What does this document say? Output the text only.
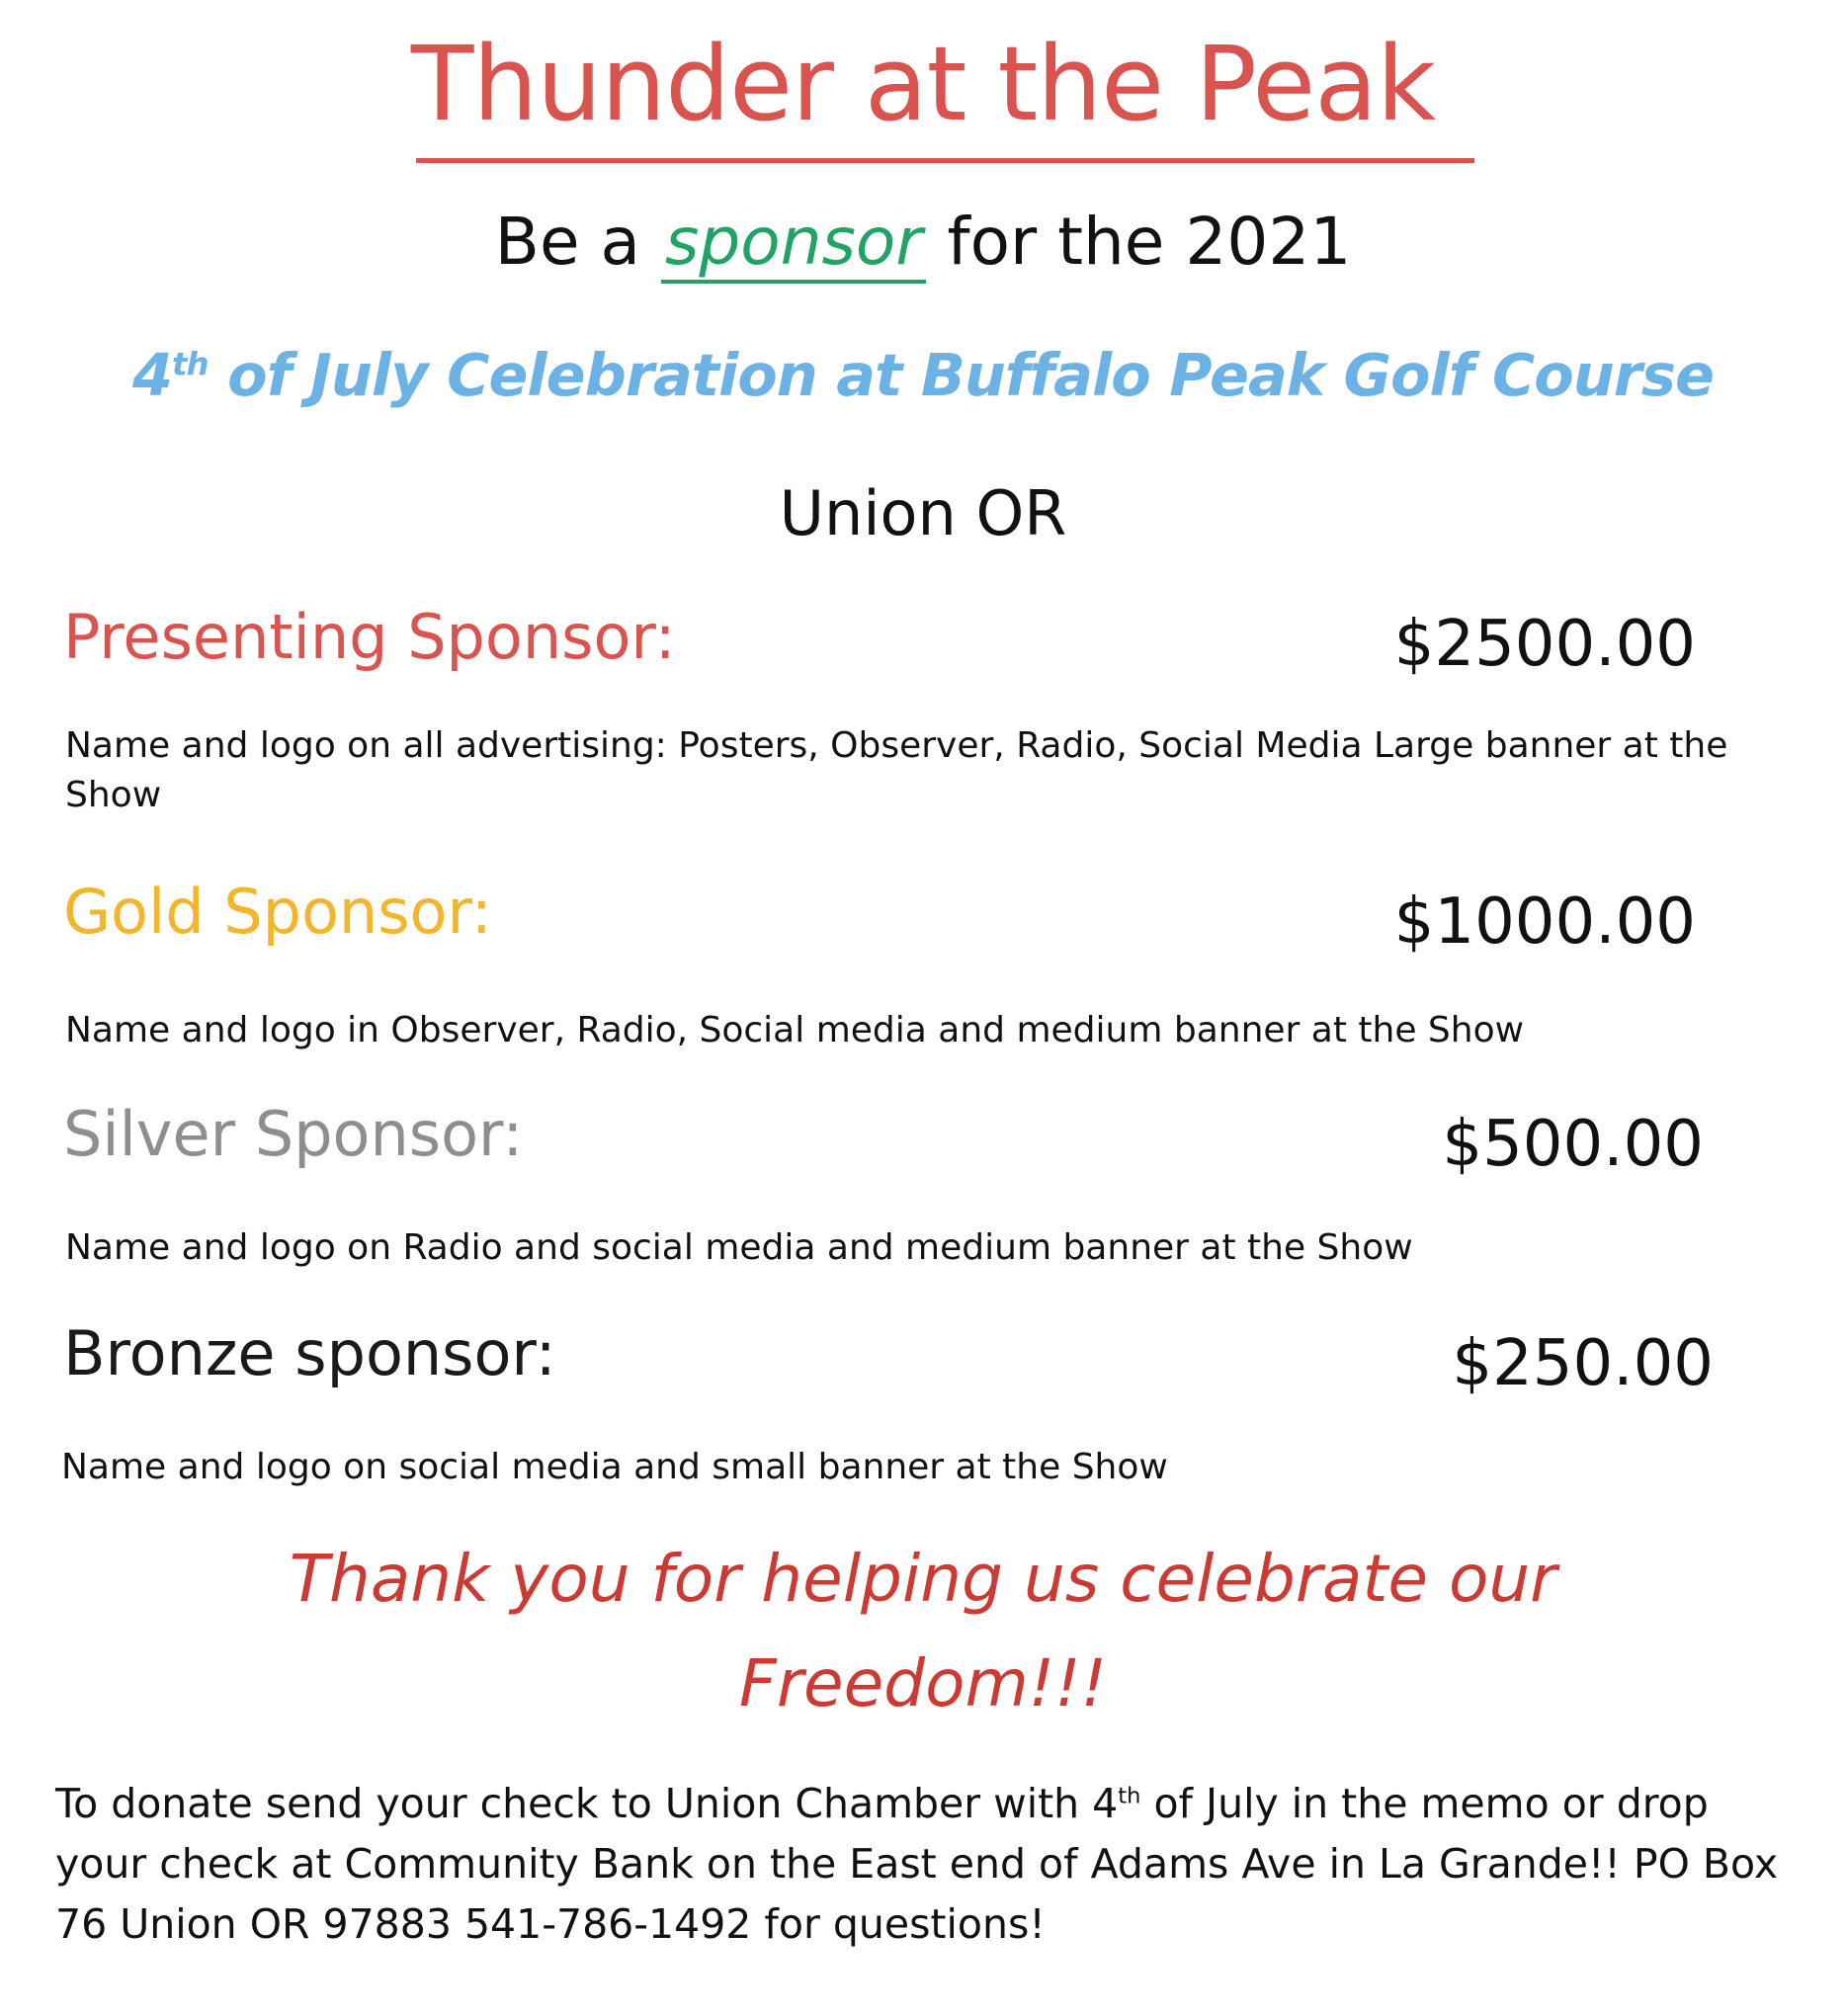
Thunder at the Peak
Be a sponsor for the 2021
4th of July Celebration at Buffalo Peak Golf Course
Union OR
Presenting Sponsor:	$2500.00
Name and logo on all advertising: Posters, Observer, Radio, Social Media Large banner at the Show
Gold Sponsor:	$1000.00
Name and logo in Observer, Radio, Social media and medium banner at the Show
Silver Sponsor:	$500.00
Name and logo on Radio and social media and medium banner at the Show
Bronze sponsor:	$250.00
Name and logo on social media and small banner at the Show
Thank you for helping us celebrate our
Freedom!!!
To donate send your check to Union Chamber with 4th of July in the memo or drop your check at Community Bank on the East end of Adams Ave in La Grande!! PO Box 76 Union OR 97883 541-786-1492 for questions!
